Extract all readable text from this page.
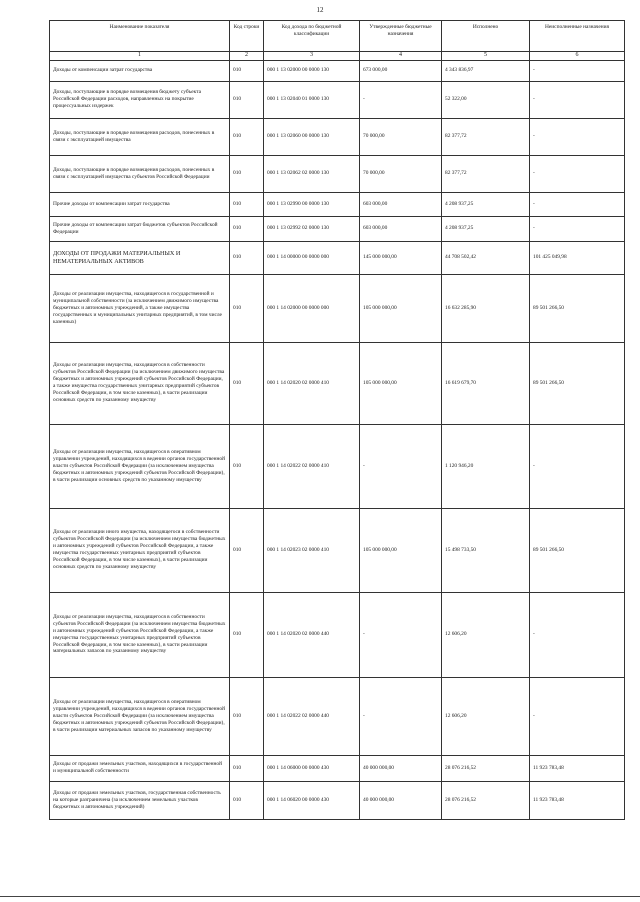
12
Наименование показателя	Код строки	Код дохода по бюджетной классификации	Утвержденные бюджетные назначения	Исполнено	Неисполненные назначения
1	2	3	4	5	6
Доходы от компенсации затрат государства	010	000 1 13 02000 00 0000 130	673 000,00	4 343 836,97	-
Доходы, поступающие в порядке возмещения бюджету субъекта Российской Федерации расходов, направленных на покрытие процессуальных издержек	010	000 1 13 02040 01 0000 130	-	52 322,00	-
Доходы, поступающие в порядке возмещения расходов, понесенных в связи с эксплуатацией имущества	010	000 1 13 02060 00 0000 130	70 000,00	82 377,72	-
Доходы, поступающие в порядке возмещения расходов, понесенных в связи с эксплуатацией имущества субъектов Российской Федерации	010	000 1 13 02062 02 0000 130	70 000,00	82 377,72	-
Прочие доходы от компенсации затрат государства	010	000 1 13 02990 00 0000 130	603 000,00	4 208 937,25	-
Прочие доходы от компенсации затрат бюджетов субъектов Российской Федерации	010	000 1 13 02992 02 0000 130	603 000,00	4 208 937,25	-
ДОХОДЫ ОТ ПРОДАЖИ МАТЕРИАЛЬНЫХ И НЕМАТЕРИАЛЬНЫХ АКТИВОВ	010	000 1 14 00000 00 0000 000	145 000 000,00	44 708 502,42	101 425 049,98
Доходы от реализации имущества, находящегося в государственной и муниципальной собственности (за исключением движимого имущества бюджетных и автономных учреждений, а также имущества государственных и муниципальных унитарных предприятий, в том числе казенных)	010	000 1 14 02000 00 0000 000	105 000 000,00	16 632 285,90	89 501 266,50
Доходы от реализации имущества, находящегося в собственности субъектов Российской Федерации (за исключением движимого имущества бюджетных и автономных учреждений субъектов Российской Федерации, а также имущества государственных унитарных предприятий субъектов Российской Федерации, в том числе казенных), в части реализации основных средств по указанному имуществу	010	000 1 14 02020 02 0000 410	105 000 000,00	16 619 679,70	89 501 266,50
Доходы от реализации имущества, находящегося в оперативном управлении учреждений, находящихся в ведении органов государственной власти субъектов Российской Федерации (за исключением имущества бюджетных и автономных учреждений субъектов Российской Федерации), в части реализации основных средств по указанному имуществу	010	000 1 14 02022 02 0000 410	-	1 120 946,20	-
Доходы от реализации иного имущества, находящегося в собственности субъектов Российской Федерации (за исключением имущества бюджетных и автономных учреждений субъектов Российской Федерации, а также имущества государственных унитарных предприятий субъектов Российской Федерации, в том числе казенных), в части реализации основных средств по указанному имуществу	010	000 1 14 02023 02 0000 410	105 000 000,00	15 498 733,50	89 501 266,50
Доходы от реализации имущества, находящегося в собственности субъектов Российской Федерации (за исключением имущества бюджетных и автономных учреждений субъектов Российской Федерации, а также имущества государственных унитарных предприятий субъектов Российской Федерации, в том числе казенных), в части реализации материальных запасов по указанному имуществу	010	000 1 14 02020 02 0000 440	-	12 606,20	-
Доходы от реализации имущества, находящегося в оперативном управлении учреждений, находящихся в ведении органов государственной власти субъектов Российской Федерации (за исключением имущества бюджетных и автономных учреждений субъектов Российской Федерации), в части реализации материальных запасов по указанному имуществу	010	000 1 14 02022 02 0000 440	-	12 606,20	-
Доходы от продажи земельных участков, находящихся в государственной и муниципальной собственности	010	000 1 14 06000 00 0000 430	40 000 000,00	28 076 216,52	11 923 783,48
Доходы от продажи земельных участков, государственная собственность на которые разграничена (за исключением земельных участков бюджетных и автономных учреждений)	010	000 1 14 06020 00 0000 430	40 000 000,00	28 076 216,52	11 923 783,48
